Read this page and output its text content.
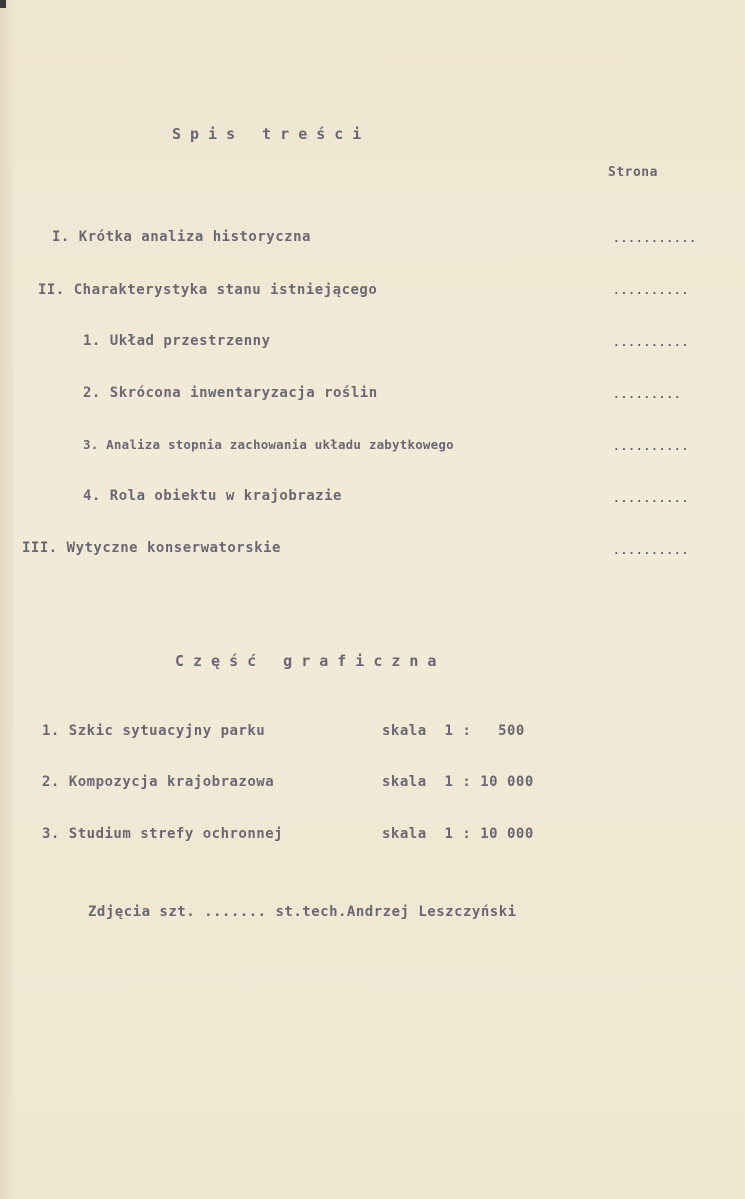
Spis treści
Strona
I. Krótka analiza historyczna	...........
II. Charakterystyka stanu istniejącego	..........
1. Układ przestrzenny	..........
2. Skrócona inwentaryzacja roślin	.........
3. Analiza stopnia zachowania układu zabytkowego	..........
4. Rola obiektu w krajobrazie	..........
III. Wytyczne konserwatorskie	..........
Część graficzna
1. Szkic sytuacyjny parku	skala  1 :   500
2. Kompozycja krajobrazowa	skala  1 : 10 000
3. Studium strefy ochronnej	skala  1 : 10 000
Zdjęcia szt. ....... st.tech.Andrzej Leszczyński
